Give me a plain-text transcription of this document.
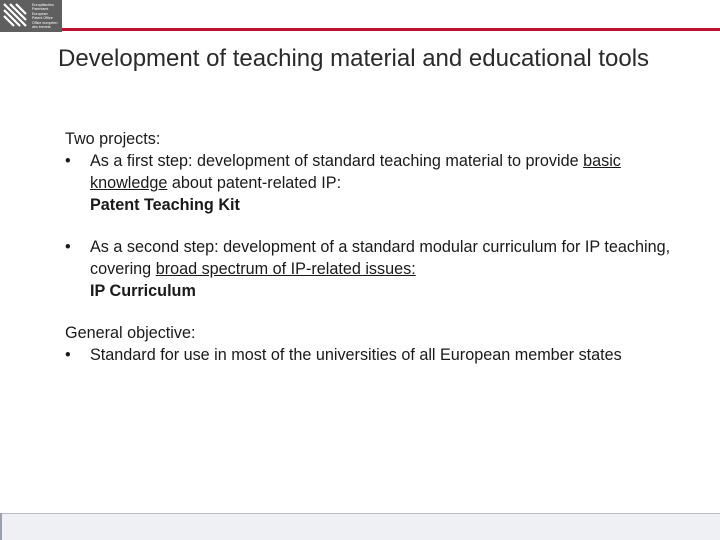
Europäisches
Patentamt
European
Patent Office
Office européen
des brevets
Development of teaching material and educational tools
Two projects:
• As a first step: development of standard teaching material to provide basic knowledge about patent-related IP:
Patent Teaching Kit
• As a second step: development of a standard modular curriculum for IP teaching, covering broad spectrum of IP-related issues:
IP Curriculum
General objective:
• Standard for use in most of the universities of all European member states
